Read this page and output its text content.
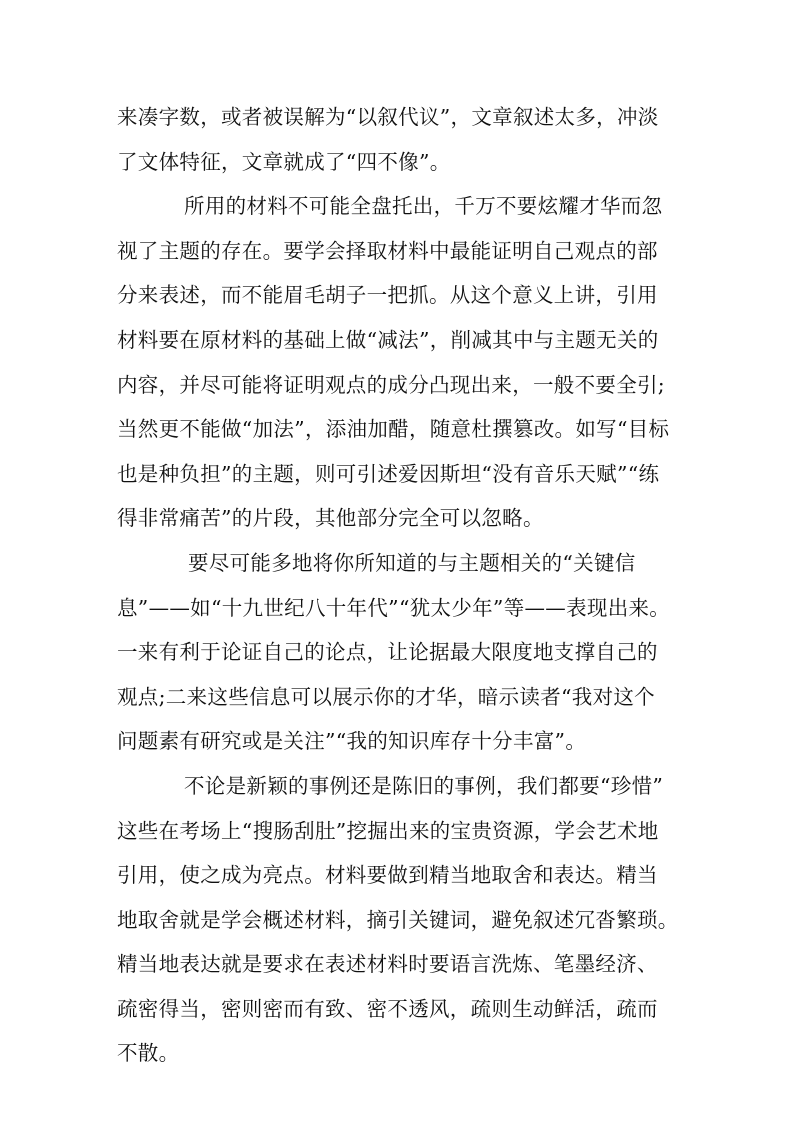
来凑字数，或者被误解为“以叙代议”，文章叙述太多，冲淡
了文体特征，文章就成了“四不像”。
所用的材料不可能全盘托出，千万不要炫耀才华而忽
视了主题的存在。要学会择取材料中最能证明自己观点的部
分来表述，而不能眉毛胡子一把抓。从这个意义上讲，引用
材料要在原材料的基础上做“减法”，削减其中与主题无关的
内容，并尽可能将证明观点的成分凸现出来，一般不要全引;
当然更不能做“加法”，添油加醋，随意杜撰篡改。如写“目标
也是种负担”的主题，则可引述爱因斯坦“没有音乐天赋”“练
得非常痛苦”的片段，其他部分完全可以忽略。
要尽可能多地将你所知道的与主题相关的“关键信
息”——如“十九世纪八十年代”“犹太少年”等——表现出来。
一来有利于论证自己的论点，让论据最大限度地支撑自己的
观点;二来这些信息可以展示你的才华，暗示读者“我对这个
问题素有研究或是关注”“我的知识库存十分丰富”。
不论是新颖的事例还是陈旧的事例，我们都要“珍惜”
这些在考场上“搜肠刮肚”挖掘出来的宝贵资源，学会艺术地
引用，使之成为亮点。材料要做到精当地取舍和表达。精当
地取舍就是学会概述材料，摘引关键词，避免叙述冗沓繁琐。
精当地表达就是要求在表述材料时要语言洗炼、笔墨经济、
疏密得当，密则密而有致、密不透风，疏则生动鲜活，疏而
不散。
